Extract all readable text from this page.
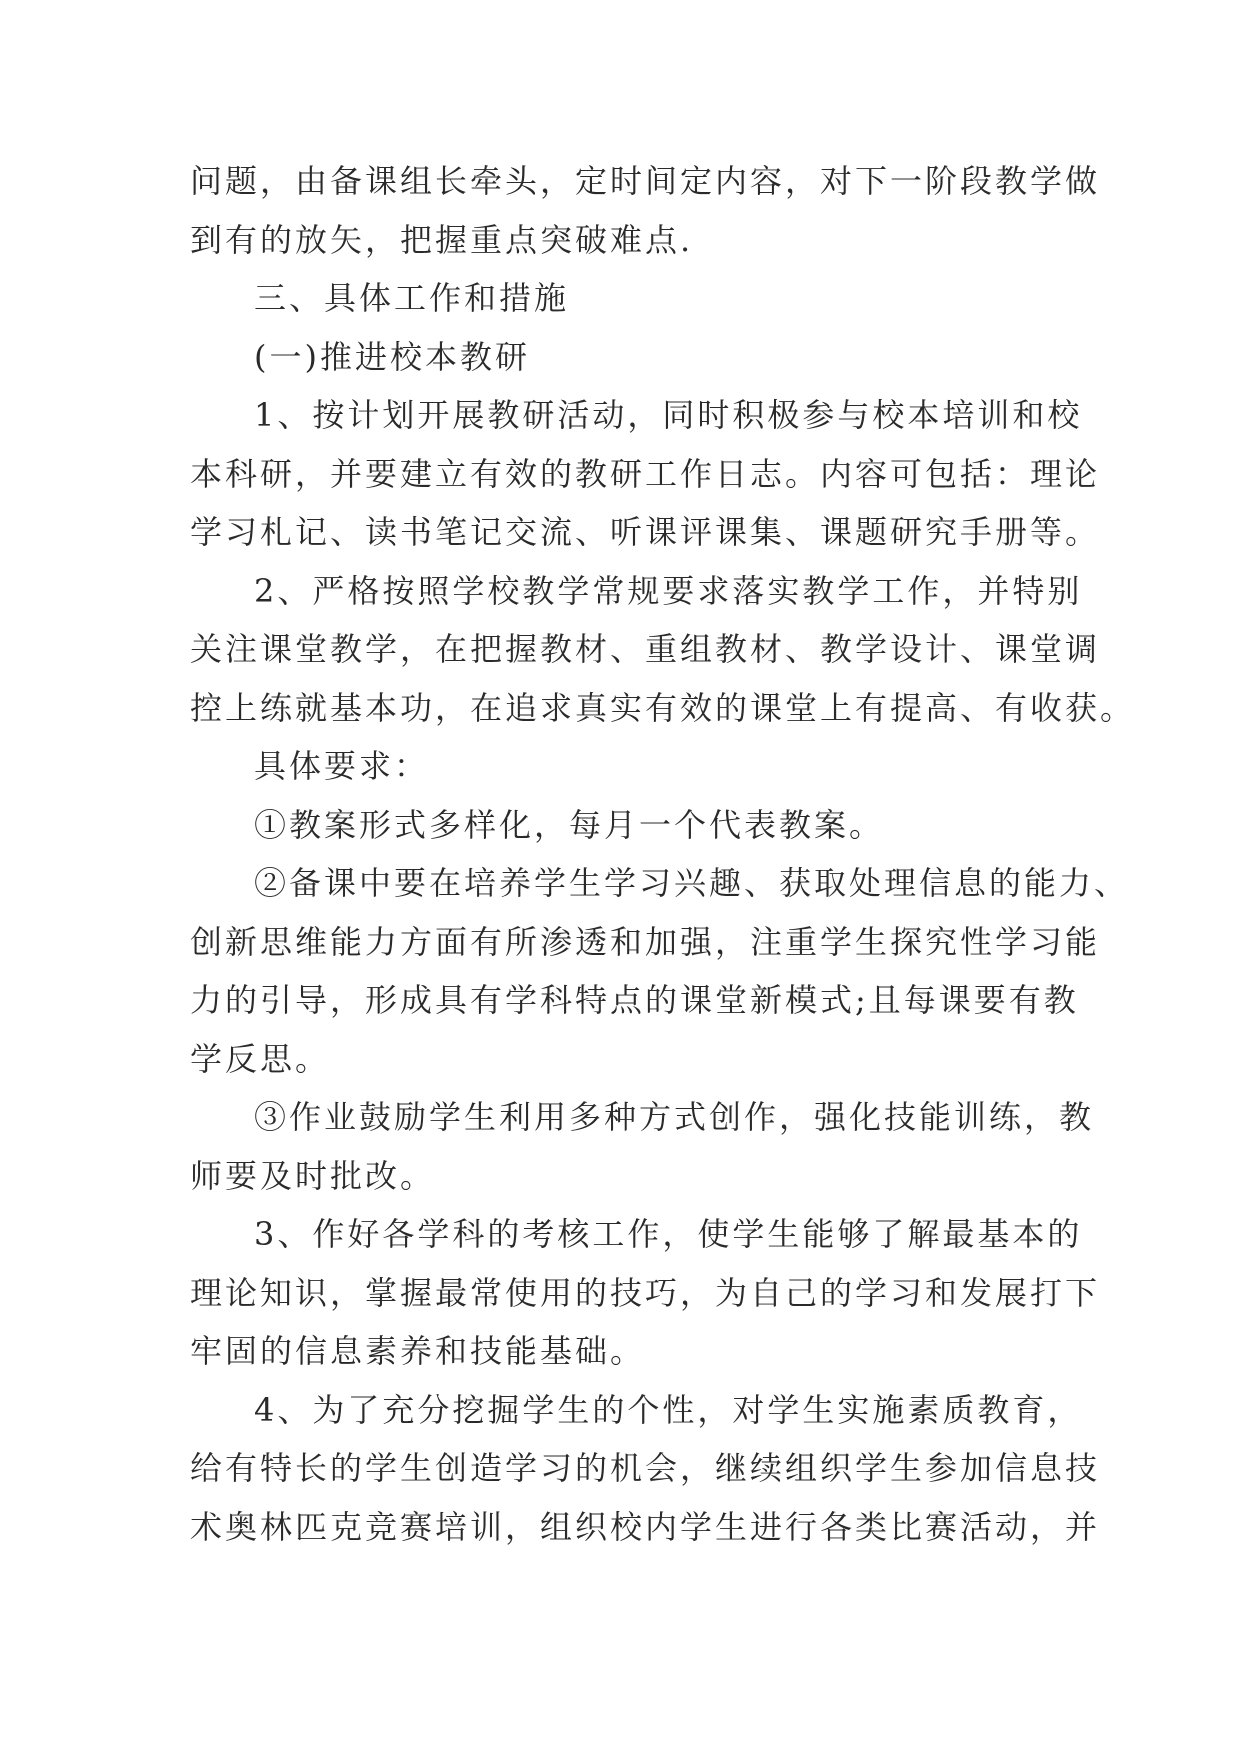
问题，由备课组长牵头，定时间定内容，对下一阶段教学做
到有的放矢，把握重点突破难点.
三、具体工作和措施
(一)推进校本教研
1、按计划开展教研活动，同时积极参与校本培训和校
本科研，并要建立有效的教研工作日志。内容可包括：理论
学习札记、读书笔记交流、听课评课集、课题研究手册等。
2、严格按照学校教学常规要求落实教学工作，并特别
关注课堂教学，在把握教材、重组教材、教学设计、课堂调
控上练就基本功，在追求真实有效的课堂上有提高、有收获。
具体要求：
①教案形式多样化，每月一个代表教案。
②备课中要在培养学生学习兴趣、获取处理信息的能力、
创新思维能力方面有所渗透和加强，注重学生探究性学习能
力的引导，形成具有学科特点的课堂新模式;且每课要有教
学反思。
③作业鼓励学生利用多种方式创作，强化技能训练，教
师要及时批改。
3、作好各学科的考核工作，使学生能够了解最基本的
理论知识，掌握最常使用的技巧，为自己的学习和发展打下
牢固的信息素养和技能基础。
4、为了充分挖掘学生的个性，对学生实施素质教育，
给有特长的学生创造学习的机会，继续组织学生参加信息技
术奥林匹克竞赛培训，组织校内学生进行各类比赛活动，并
